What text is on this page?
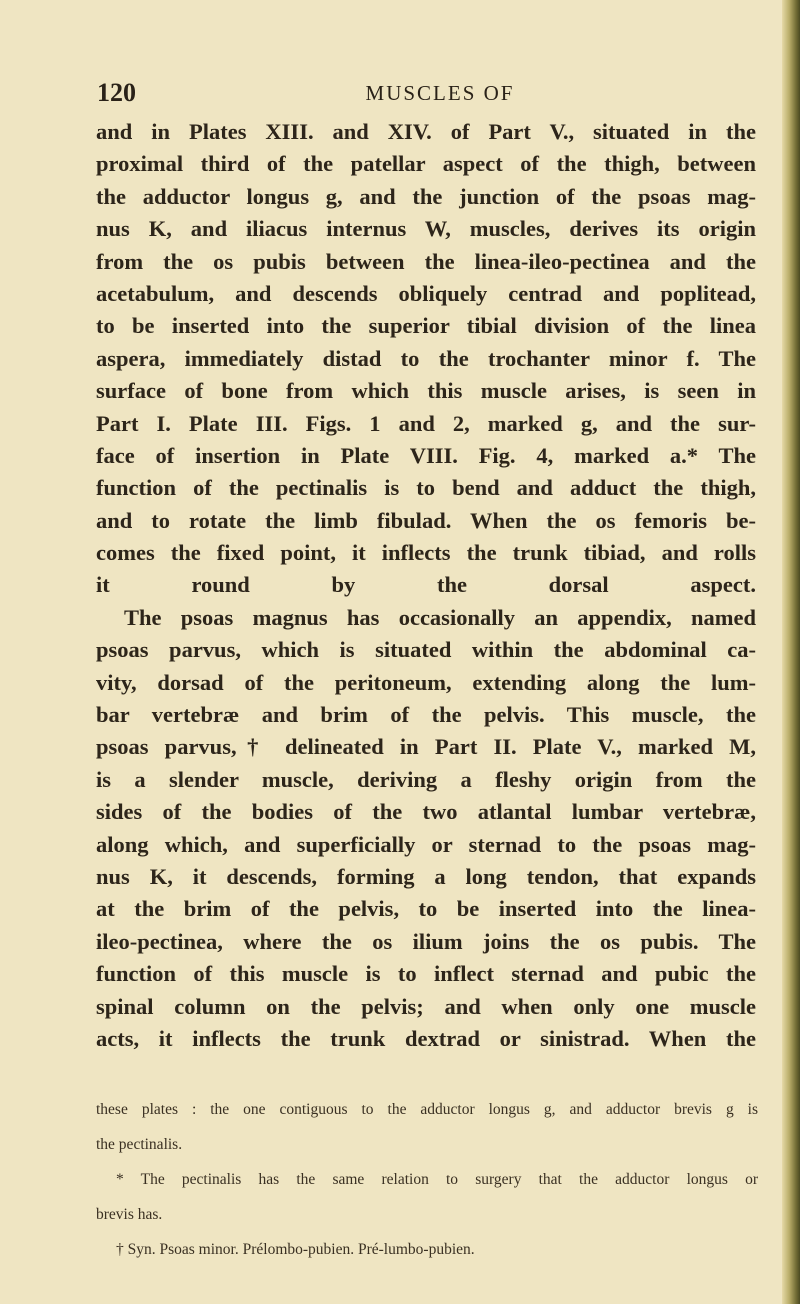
120	MUSCLES OF
and in Plates XIII. and XIV. of Part V., situated in the
proximal third of the patellar aspect of the thigh, between
the adductor longus g, and the junction of the psoas mag-
nus K, and iliacus internus W, muscles, derives its origin
from the os pubis between the linea-ileo-pectinea and the
acetabulum, and descends obliquely centrad and poplitead,
to be inserted into the superior tibial division of the linea
aspera, immediately distad to the trochanter minor f. The
surface of bone from which this muscle arises, is seen in
Part I. Plate III. Figs. 1 and 2, marked g, and the sur-
face of insertion in Plate VIII. Fig. 4, marked a.* The
function of the pectinalis is to bend and adduct the thigh,
and to rotate the limb fibulad. When the os femoris be-
comes the fixed point, it inflects the trunk tibiad, and rolls
it round by the dorsal aspect.
The psoas magnus has occasionally an appendix, named
psoas parvus, which is situated within the abdominal ca-
vity, dorsad of the peritoneum, extending along the lum-
bar vertebræ and brim of the pelvis. This muscle, the
psoas parvus,† delineated in Part II. Plate V., marked M,
is a slender muscle, deriving a fleshy origin from the
sides of the bodies of the two atlantal lumbar vertebræ,
along which, and superficially or sternad to the psoas mag-
nus K, it descends, forming a long tendon, that expands
at the brim of the pelvis, to be inserted into the linea-
ileo-pectinea, where the os ilium joins the os pubis. The
function of this muscle is to inflect sternad and pubic the
spinal column on the pelvis; and when only one muscle
acts, it inflects the trunk dextrad or sinistrad. When the
these plates : the one contiguous to the adductor longus g, and adductor brevis g is
the pectinalis.
* The pectinalis has the same relation to surgery that the adductor longus or
brevis has.
† Syn. Psoas minor. Prélombo-pubien. Pré-lumbo-pubien.
